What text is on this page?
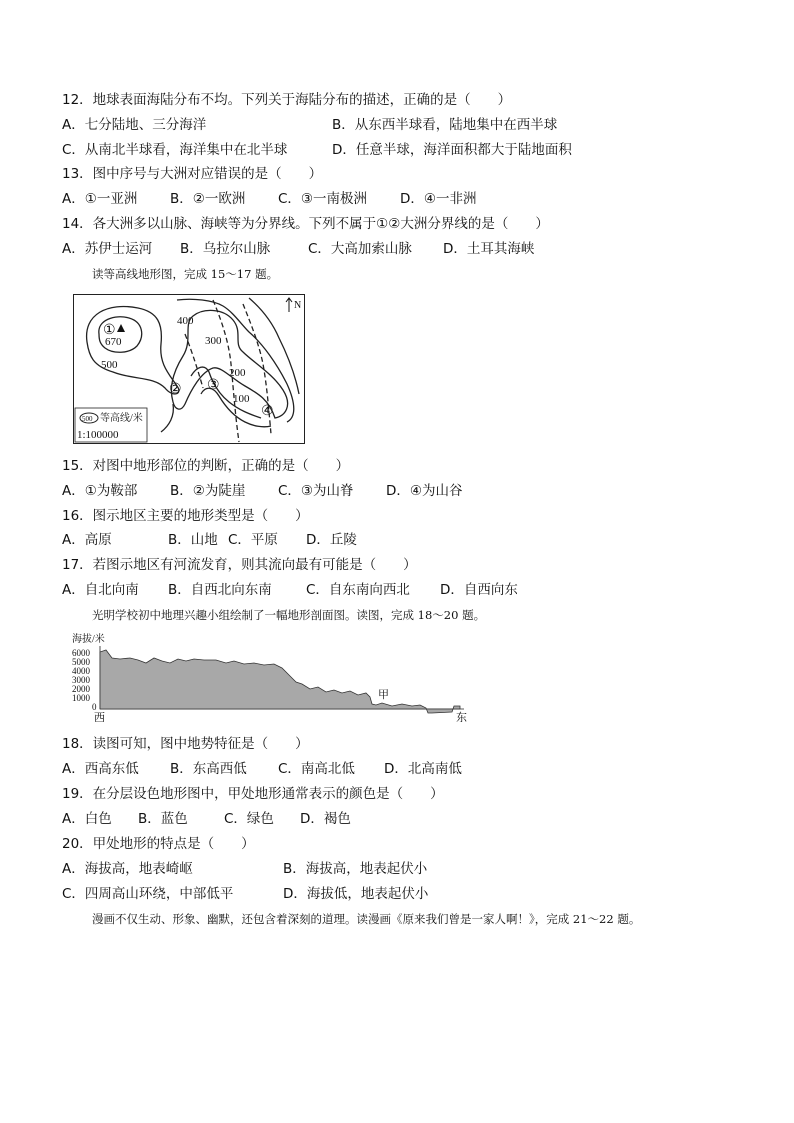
12．地球表面海陆分布不均。下列关于海陆分布的描述，正确的是（　　）
A．七分陆地、三分海洋	B．从东西半球看，陆地集中在西半球
C．从南北半球看，海洋集中在北半球	D．任意半球，海洋面积都大于陆地面积
13．图中序号与大洲对应错误的是（　　）
A．①一亚洲 B．②一欧洲 C．③一南极洲 D．④一非洲
14．各大洲多以山脉、海峡等为分界线。下列不属于①②大洲分界线的是（　　）
A．苏伊士运河 B．乌拉尔山脉	C．大高加索山脉 D．土耳其海峡
读等高线地形图，完成 15～17 题。
400
670
500
300
200
100
①
② ③
④
N
500 等高线/米
1:100000
15．对图中地形部位的判断，正确的是（　　）
A．①为鞍部 B．②为陡崖 C．③为山脊 D．④为山谷
16．图示地区主要的地形类型是（　　）
A．高原	B．山地 C．平原 D．丘陵
17．若图示地区有河流发育，则其流向最有可能是（　　）
A．自北向南 B．自西北向东南	C．自东南向西北 D．自西向东
光明学校初中地理兴趣小组绘制了一幅地形剖面图。读图，完成 18～20 题。
海拔/米
6000
5000
4000
3000
2000
1000
0
甲
西	东
18．读图可知，图中地势特征是（　　）
A．西高东低 B．东高西低 C．南高北低 D．北高南低
19．在分层设色地形图中，甲处地形通常表示的颜色是（　　）
A．白色 B．蓝色	C．绿色 D．褐色
20．甲处地形的特点是（　　）
A．海拔高，地表崎岖	B．海拔高，地表起伏小
C．四周高山环绕，中部低平	D．海拔低，地表起伏小
漫画不仅生动、形象、幽默，还包含着深刻的道理。读漫画《原来我们曾是一家人啊！》，完成 21～22 题。
